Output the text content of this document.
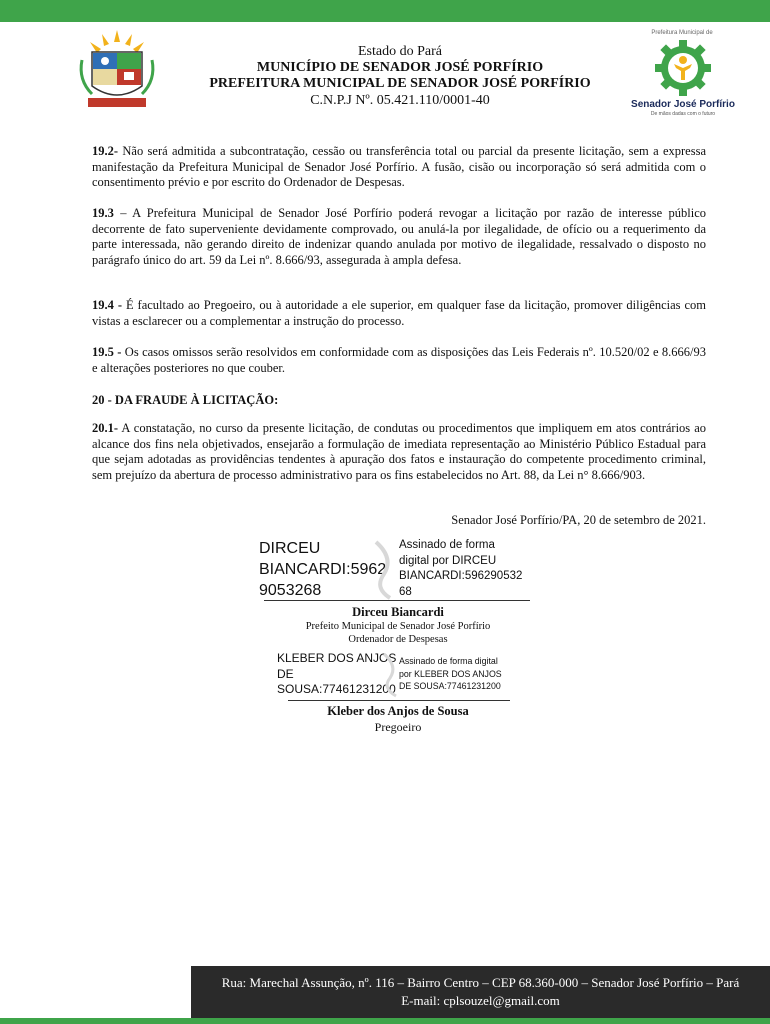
Prefeitura Municipal de
Senador José Porfírio
De mãos dadas com o futuro
Estado do Pará
MUNICÍPIO DE SENADOR JOSÉ PORFÍRIO
PREFEITURA MUNICIPAL DE SENADOR JOSÉ PORFÍRIO
C.N.P.J Nº. 05.421.110/0001-40

19.2- Não será admitida a subcontratação, cessão ou transferência total ou parcial da presente licitação, sem a expressa manifestação da Prefeitura Municipal de Senador José Porfírio. A fusão, cisão ou incorporação só será admitida com o consentimento prévio e por escrito do Ordenador de Despesas.

19.3 – A Prefeitura Municipal de Senador José Porfírio poderá revogar a licitação por razão de interesse público decorrente de fato superveniente devidamente comprovado, ou anulá-la por ilegalidade, de ofício ou a requerimento da parte interessada, não gerando direito de indenizar quando anulada por motivo de ilegalidade, ressalvado o disposto no parágrafo único do art. 59 da Lei nº. 8.666/93, assegurada à ampla defesa.

19.4 - É facultado ao Pregoeiro, ou à autoridade a ele superior, em qualquer fase da licitação, promover diligências com vistas a esclarecer ou a complementar a instrução do processo.

19.5 - Os casos omissos serão resolvidos em conformidade com as disposições das Leis Federais nº. 10.520/02 e 8.666/93 e alterações posteriores no que couber.

20 - DA FRAUDE À LICITAÇÃO:

20.1- A constatação, no curso da presente licitação, de condutas ou procedimentos que impliquem em atos contrários ao alcance dos fins nela objetivados, ensejarão a formulação de imediata representação ao Ministério Público Estadual para que sejam adotadas as providências tendentes à apuração dos fatos e instauração do competente procedimento criminal, sem prejuízo da abertura de processo administrativo para os fins estabelecidos no Art. 88, da Lei n° 8.666/903.

Senador José Porfírio/PA, 20 de setembro de 2021.
DIRCEU
BIANCARDI:5962
9053268
Assinado de forma
digital por DIRCEU
BIANCARDI:596290532
68
Dirceu Biancardi
Prefeito Municipal de Senador José Porfírio
Ordenador de Despesas
KLEBER DOS ANJOS
DE
SOUSA:77461231200
Assinado de forma digital
por KLEBER DOS ANJOS
DE SOUSA:77461231200
Kleber dos Anjos de Sousa
Pregoeiro
Rua: Marechal Assunção, nº. 116 – Bairro Centro – CEP 68.360-000 – Senador José Porfírio – Pará
E-mail: cplsouzel@gmail.com
